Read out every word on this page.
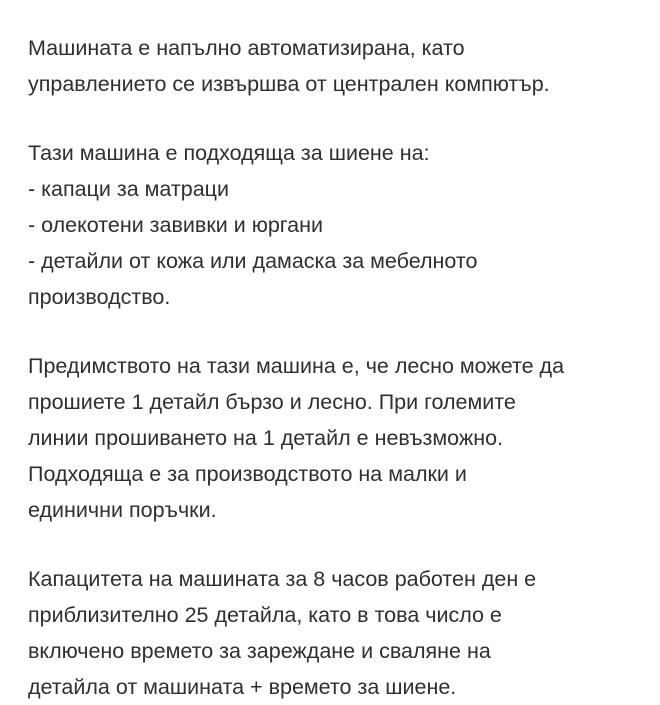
Машината е напълно автоматизирана, като
управлението се извършва от централен компютър.
Тази машина е подходяща за шиене на:
- капаци за матраци
- олекотени завивки и юргани
- детайли от кожа или дамаска за мебелното
производство.
Предимството на тази машина е, че лесно можете да
прошиете 1 детайл бързо и лесно. При големите
линии прошиването на 1 детайл е невъзможно.
Подходяща е за производството на малки и
единични поръчки.
Капацитета на машината за 8 часов работен ден е
приблизително 25 детайла, като в това число е
включено времето за зареждане и сваляне на
детайла от машината + времето за шиене.
